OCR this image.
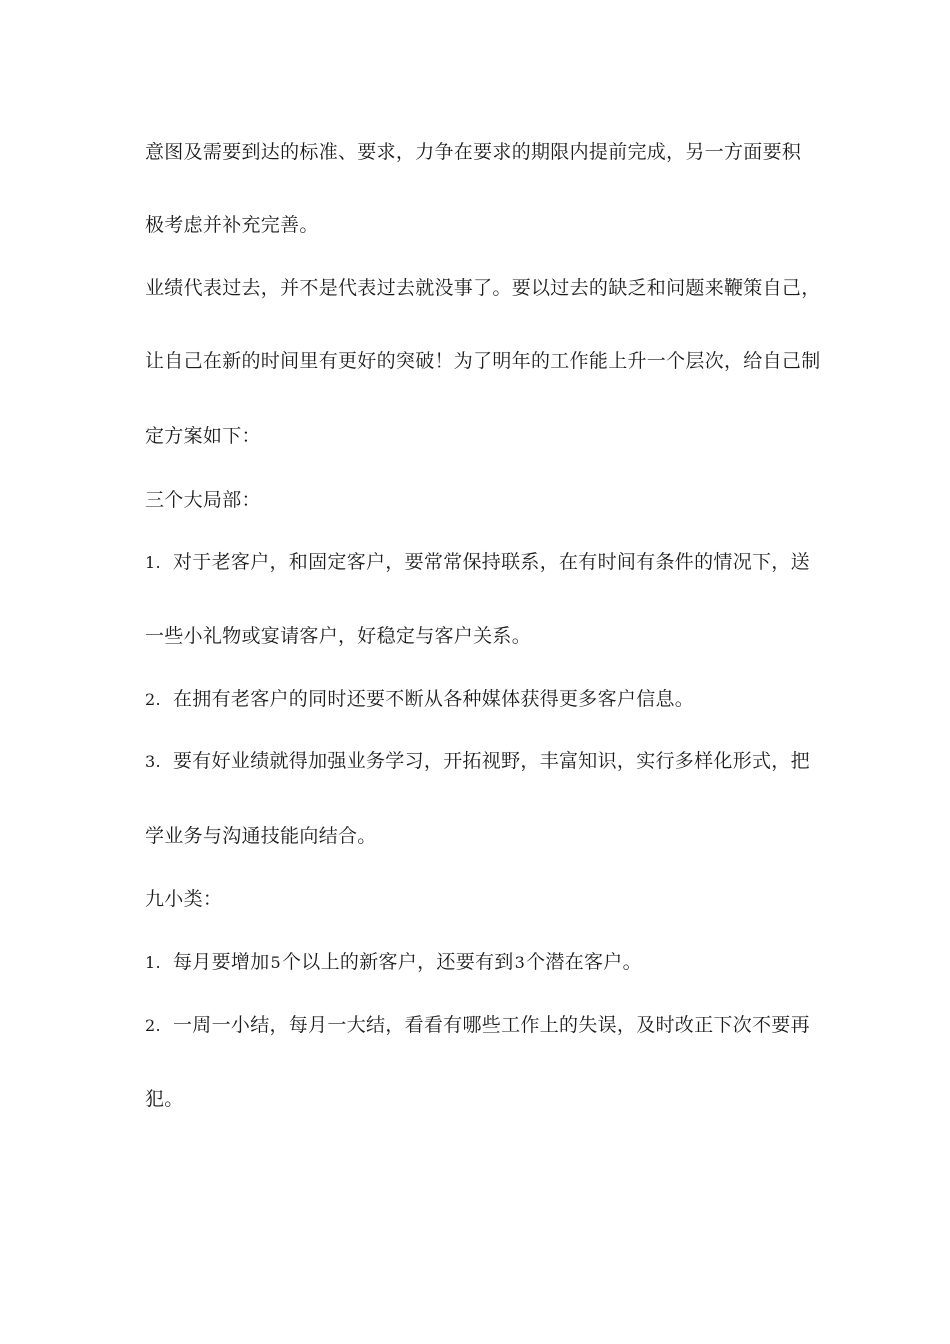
意图及需要到达的标准、要求，力争在要求的期限内提前完成，另一方面要积
极考虑并补充完善。
业绩代表过去，并不是代表过去就没事了。要以过去的缺乏和问题来鞭策自己，
让自己在新的时间里有更好的突破！为了明年的工作能上升一个层次，给自己制
定方案如下：
三个大局部：
1. 对于老客户，和固定客户，要常常保持联系，在有时间有条件的情况下，送
一些小礼物或宴请客户，好稳定与客户关系。
2. 在拥有老客户的同时还要不断从各种媒体获得更多客户信息。
3. 要有好业绩就得加强业务学习，开拓视野，丰富知识，实行多样化形式，把
学业务与沟通技能向结合。
九小类：
1. 每月要增加5个以上的新客户，还要有到3个潜在客户。
2. 一周一小结，每月一大结，看看有哪些工作上的失误，及时改正下次不要再
犯。
